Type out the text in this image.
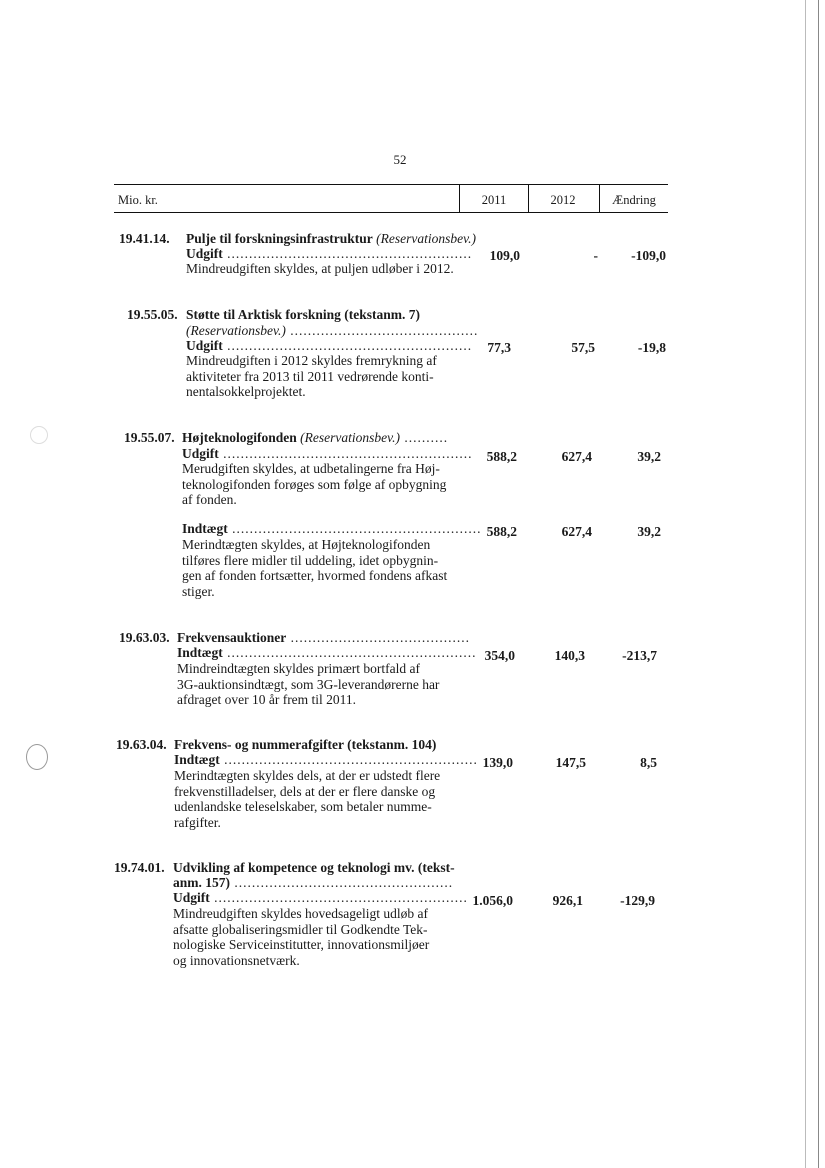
52
Mio. kr.	2011	2012	Ændring
19.41.14. Pulje til forskningsinfrastruktur (Reservationsbev.)
Udgift ........................................................	109,0	-	-109,0
Mindreudgiften skyldes, at puljen udløber i 2012.
19.55.05. Støtte til Arktisk forskning (tekstanm. 7)
(Reservationsbev.) ...........................................
Udgift ........................................................	77,3	57,5	-19,8
Mindreudgiften i 2012 skyldes fremrykning af
aktiviteter fra 2013 til 2011 vedrørende konti-
nentalsokkelprojektet.
19.55.07. Højteknologifonden (Reservationsbev.) ..........
Udgift .........................................................	588,2	627,4	39,2
Merudgiften skyldes, at udbetalingerne fra Høj-
teknologifonden forøges som følge af opbygning
af fonden.
Indtægt ......................................................... 588,2	627,4	39,2
Merindtægten skyldes, at Højteknologifonden
tilføres flere midler til uddeling, idet opbygnin-
gen af fonden fortsætter, hvormed fondens afkast
stiger.
19.63.03. Frekvensauktioner .........................................
Indtægt ......................................................... 354,0	140,3	-213,7
Mindreindtægten skyldes primært bortfald af
3G-auktionsindtægt, som 3G-leverandørerne har
afdraget over 10 år frem til 2011.
19.63.04. Frekvens- og nummerafgifter (tekstanm. 104)
Indtægt .......................................................... 139,0	147,5	8,5
Merindtægten skyldes dels, at der er udstedt flere
frekvenstilladelser, dels at der er flere danske og
udenlandske teleselskaber, som betaler numme-
rafgifter.
19.74.01. Udvikling af kompetence og teknologi mv. (tekst-
anm. 157) ..................................................
Udgift .......................................................... 1.056,0	926,1	-129,9
Mindreudgiften skyldes hovedsageligt udløb af
afsatte globaliseringsmidler til Godkendte Tek-
nologiske Serviceinstitutter, innovationsmiljøer
og innovationsnetværk.
